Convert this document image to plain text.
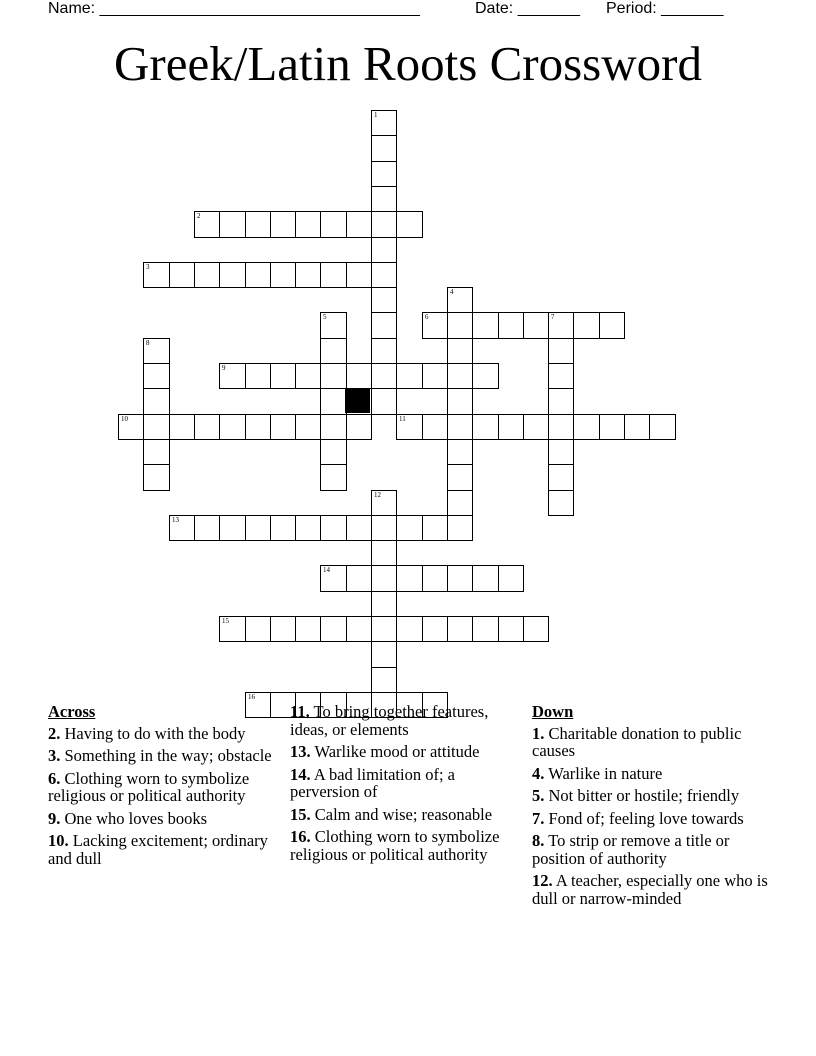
Name: ____________________________________	Date: _______ Period: _______
Greek/Latin Roots Crossword
1
2
3
4
5	6	7
8
9
10	11
12
13
14
15
16
Across
2. Having to do with the body
3. Something in the way; obstacle
6. Clothing worn to symbolize religious or political authority
9. One who loves books
10. Lacking excitement; ordinary and dull
11. To bring together features, ideas, or elements
13. Warlike mood or attitude
14. A bad limitation of; a perversion of
15. Calm and wise; reasonable
16. Clothing worn to symbolize religious or political authority
Down
1. Charitable donation to public causes
4. Warlike in nature
5. Not bitter or hostile; friendly
7. Fond of; feeling love towards
8. To strip or remove a title or position of authority
12. A teacher, especially one who is dull or narrow-minded
